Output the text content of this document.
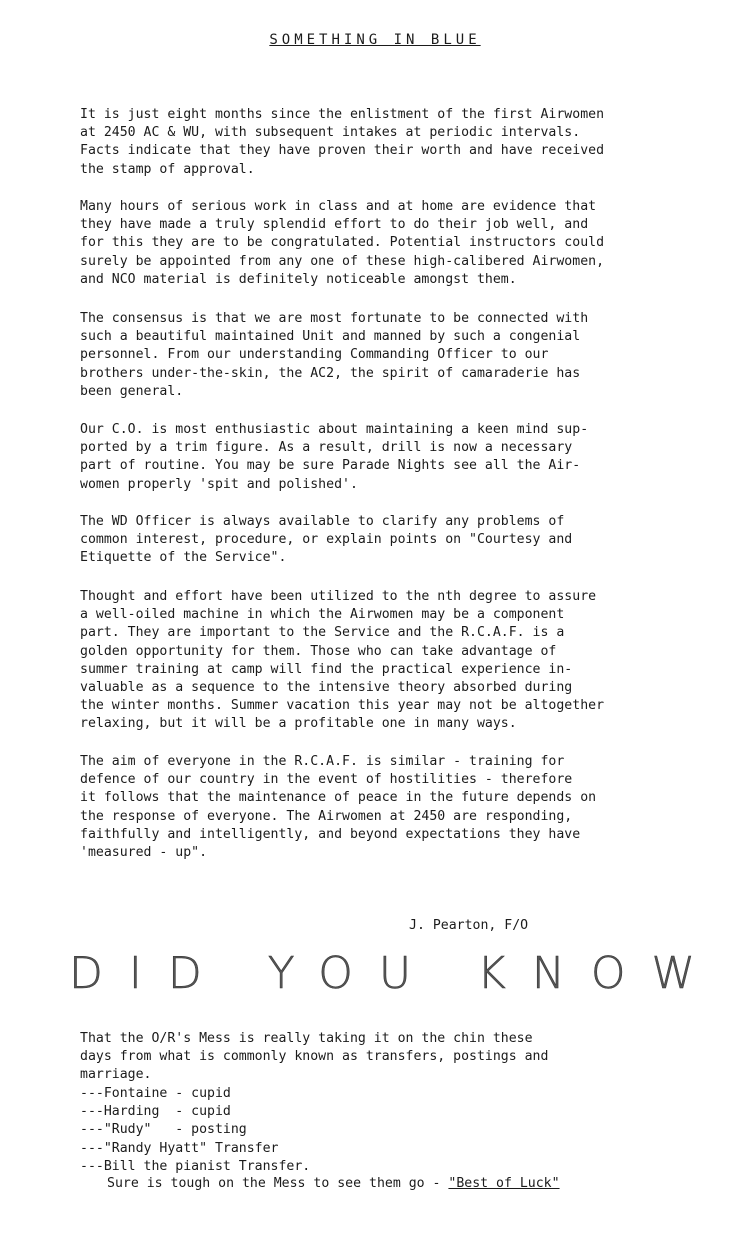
SOMETHING IN BLUE

It is just eight months since the enlistment of the first Airwomen
at 2450 AC & WU, with subsequent intakes at periodic intervals.
Facts indicate that they have proven their worth and have received
the stamp of approval.

Many hours of serious work in class and at home are evidence that
they have made a truly splendid effort to do their job well, and
for this they are to be congratulated. Potential instructors could
surely be appointed from any one of these high-calibered Airwomen,
and NCO material is definitely noticeable amongst them.

The consensus is that we are most fortunate to be connected with
such a beautiful maintained Unit and manned by such a congenial
personnel. From our understanding Commanding Officer to our
brothers under-the-skin, the AC2, the spirit of camaraderie has
been general.

Our C.O. is most enthusiastic about maintaining a keen mind sup-
ported by a trim figure. As a result, drill is now a necessary
part of routine. You may be sure Parade Nights see all the Air-
women properly 'spit and polished'.

The WD Officer is always available to clarify any problems of
common interest, procedure, or explain points on "Courtesy and
Etiquette of the Service".

Thought and effort have been utilized to the nth degree to assure
a well-oiled machine in which the Airwomen may be a component
part. They are important to the Service and the R.C.A.F. is a
golden opportunity for them. Those who can take advantage of
summer training at camp will find the practical experience in-
valuable as a sequence to the intensive theory absorbed during
the winter months. Summer vacation this year may not be altogether
relaxing, but it will be a profitable one in many ways.

The aim of everyone in the R.C.A.F. is similar - training for
defence of our country in the event of hostilities - therefore
it follows that the maintenance of peace in the future depends on
the response of everyone. The Airwomen at 2450 are responding,
faithfully and intelligently, and beyond expectations they have
'measured - up".

J. Pearton, F/O
DID YOU KNOW

That the O/R's Mess is really taking it on the chin these
days from what is commonly known as transfers, postings and
marriage.

---Fontaine - cupid
---Harding  - cupid
---"Rudy"   - posting
---"Randy Hyatt" Transfer
---Bill the pianist Transfer.
Sure is tough on the Mess to see them go - "Best of Luck"
